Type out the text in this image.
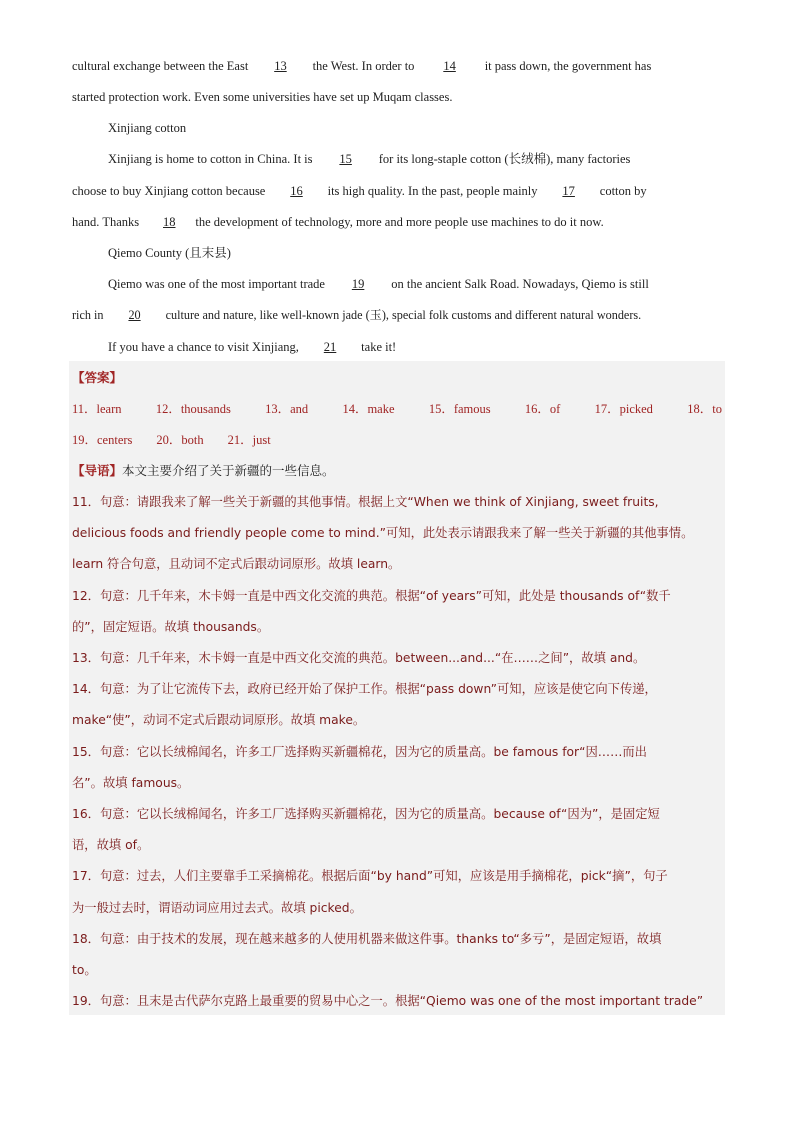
cultural exchange between the East 13 the West. In order to 14 it pass down, the government has
started protection work. Even some universities have set up Muqam classes.
Xinjiang cotton
Xinjiang is home to cotton in China. It is 15 for its long-staple cotton (长绒棉), many factories
choose to buy Xinjiang cotton because 16 its high quality. In the past, people mainly 17 cotton by
hand. Thanks 18 the development of technology, more and more people use machines to do it now.
Qiemo County (且末县)
Qiemo was one of the most important trade 19 on the ancient Salk Road. Nowadays, Qiemo is still
rich in 20 culture and nature, like well-known jade (玉), special folk customs and different natural wonders.
If you have a chance to visit Xinjiang, 21 take it!
【答案】
11．learn	12．thousands	13．and	14．make	15．famous	16．of	17．picked	18．to
19．centers 20．both 21．just
【导语】本文主要介绍了关于新疆的一些信息。
11．句意：请跟我来了解一些关于新疆的其他事情。根据上文“When we think of Xinjiang, sweet fruits,
delicious foods and friendly people come to mind.”可知，此处表示请跟我来了解一些关于新疆的其他事情。
learn 符合句意，且动词不定式后跟动词原形。故填 learn。
12．句意：几千年来，木卡姆一直是中西文化交流的典范。根据“of years”可知，此处是 thousands of“数千
的”，固定短语。故填 thousands。
13．句意：几千年来，木卡姆一直是中西文化交流的典范。between...and...“在……之间”，故填 and。
14．句意：为了让它流传下去，政府已经开始了保护工作。根据“pass down”可知，应该是使它向下传递，
make“使”，动词不定式后跟动词原形。故填 make。
15．句意：它以长绒棉闻名，许多工厂选择购买新疆棉花，因为它的质量高。be famous for“因……而出
名”。故填 famous。
16．句意：它以长绒棉闻名，许多工厂选择购买新疆棉花，因为它的质量高。because of“因为”，是固定短
语，故填 of。
17．句意：过去，人们主要靠手工采摘棉花。根据后面“by hand”可知，应该是用手摘棉花，pick“摘”，句子
为一般过去时，谓语动词应用过去式。故填 picked。
18．句意：由于技术的发展，现在越来越多的人使用机器来做这件事。thanks to“多亏”，是固定短语，故填
to。
19．句意：且末是古代萨尔克路上最重要的贸易中心之一。根据“Qiemo was one of the most important trade”
